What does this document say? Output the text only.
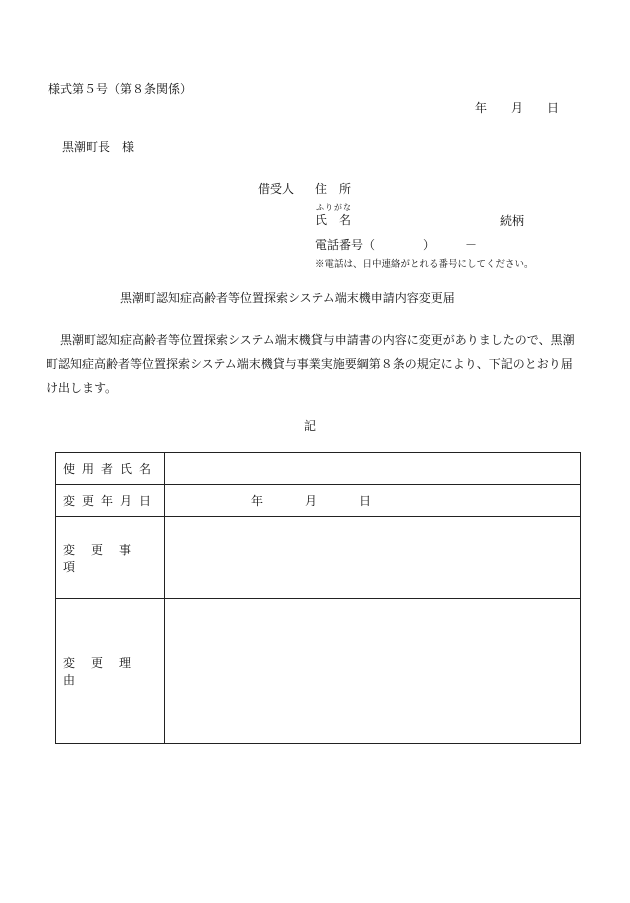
様式第５号（第８条関係）
年 月 日
黒潮町長　様
借受人 住所
ふりがな
氏名	続柄
電話番号（　　　　）　　　－
※電話は、日中連絡がとれる番号にしてください。
黒潮町認知症高齢者等位置探索システム端末機申請内容変更届
黒潮町認知症高齢者等位置探索システム端末機貸与申請書の内容に変更がありましたので、黒潮町認知症高齢者等位置探索システム端末機貸与事業実施要綱第８条の規定により、下記のとおり届け出します。
記
使用者氏名	
変更年月日	年 月 日

変更事項	
変更理由	
